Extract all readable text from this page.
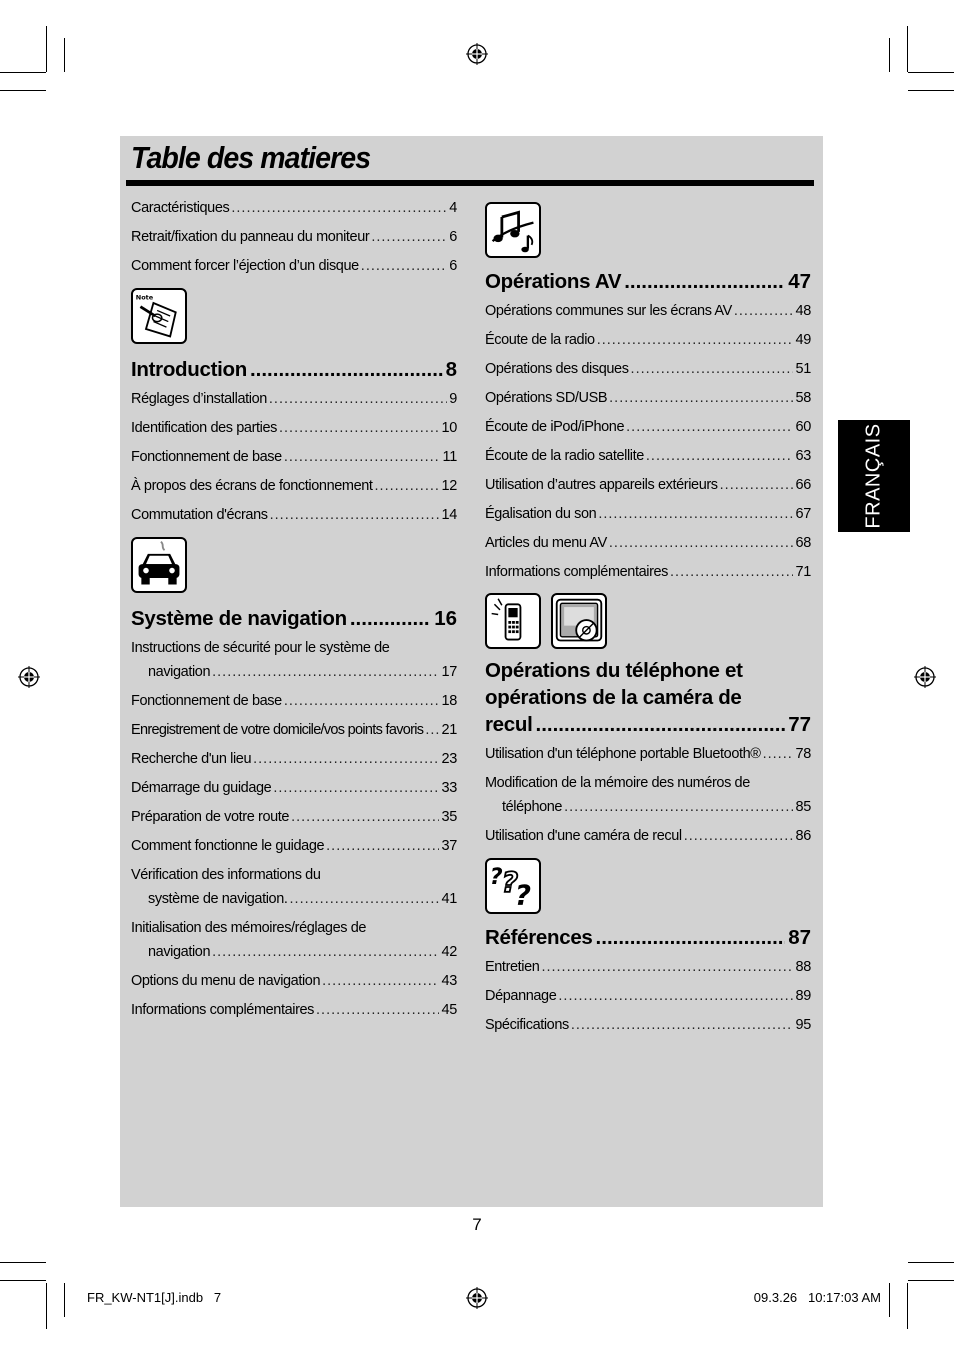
Table des matieres
Caractéristiques .....	4
Retrait/fixation du panneau du moniteur .....	6
Comment forcer l’éjection d’un disque .....	6
Note
Introduction .....	8
Réglages d’installation .....	9
Identification des parties .....	10
Fonctionnement de base .....	11
À propos des écrans de fonctionnement .....	12
Commutation d'écrans .....	14
Système de navigation .....	16
Instructions de sécurité pour le système de
navigation .....	17
Fonctionnement de base .....	18
Enregistrement de votre domicile/vos points favoris ..... 21
Recherche d'un lieu .....	23
Démarrage du guidage .....	33
Préparation de votre route .....	35
Comment fonctionne le guidage .....	37
Vérification des informations du
système de navigation. .....	41
Initialisation des mémoires/réglages de
navigation .....	42
Options du menu de navigation .....	43
Informations complémentaires .....	45
Opérations AV .....	47
Opérations communes sur les écrans AV .....	48
Écoute de la radio .....	49
Opérations des disques .....	51
Opérations SD/USB .....	58
Écoute de iPod/iPhone .....	60
Écoute de la radio satellite .....	63
Utilisation d’autres appareils extérieurs .....	66
Égalisation du son .....	67
Articles du menu AV .....	68
Informations complémentaires .....	71
Opérations du téléphone et
opérations de la caméra de
recul .....	77
Utilisation d'un téléphone portable Bluetooth® ..... 78
Modification de la mémoire des numéros de
téléphone .....	85
Utilisation d'une caméra de recul .....	86
? ?
?
Références .....	87
Entretien .....	88
Dépannage .....	89
Spécifications .....	95
FRANÇAIS
7
FR_KW-NT1[J].indb   7	09.3.26   10:17:03 AM
